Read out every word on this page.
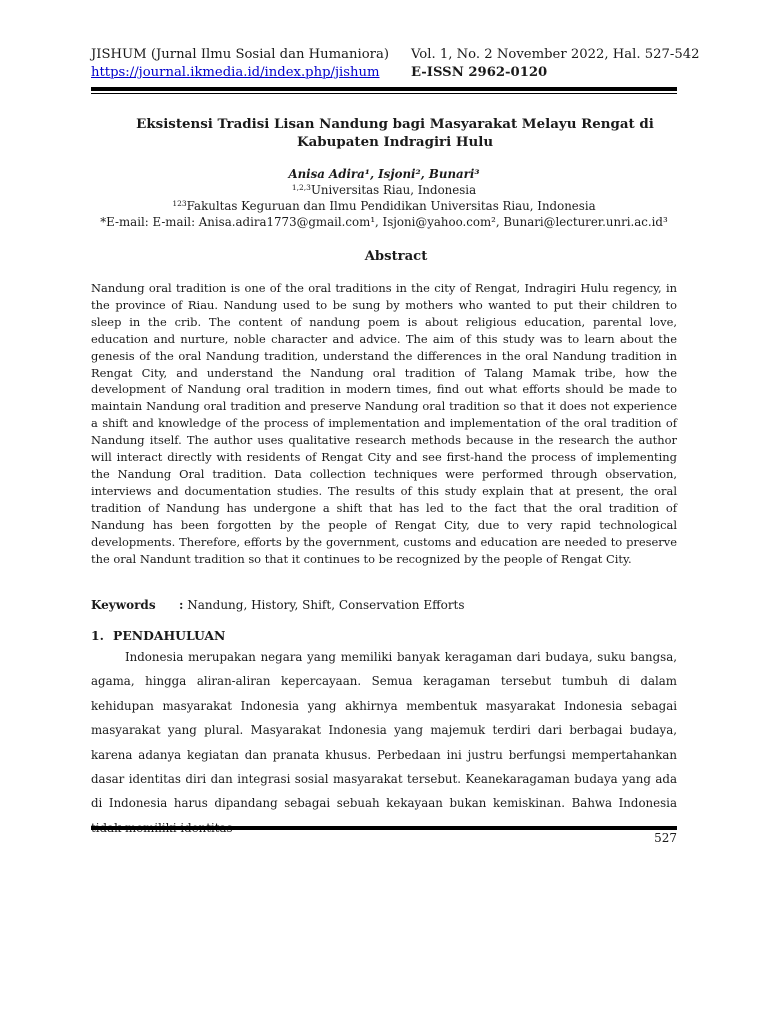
JISHUM (Jurnal Ilmu Sosial dan Humaniora) Vol. 1, No. 2 November 2022, Hal. 527-542
https://journal.ikmedia.id/index.php/jishum E-ISSN 2962-0120
Eksistensi Tradisi Lisan Nandung bagi Masyarakat Melayu Rengat di Kabupaten Indragiri Hulu
Anisa Adira¹, Isjoni², Bunari³
$^{1,2,3}$Universitas Riau, Indonesia
$^{123}$Fakultas Keguruan dan Ilmu Pendidikan Universitas Riau, Indonesia
*E-mail: E-mail: Anisa.adira1773@gmail.com¹, Isjoni@yahoo.com², Bunari@lecturer.unri.ac.id³
Abstract
Nandung oral tradition is one of the oral traditions in the city of Rengat, Indragiri Hulu regency, in the province of Riau. Nandung used to be sung by mothers who wanted to put their children to sleep in the crib. The content of nandung poem is about religious education, parental love, education and nurture, noble character and advice. The aim of this study was to learn about the genesis of the oral Nandung tradition, understand the differences in the oral Nandung tradition in Rengat City, and understand the Nandung oral tradition of Talang Mamak tribe, how the development of Nandung oral tradition in modern times, find out what efforts should be made to maintain Nandung oral tradition and preserve Nandung oral tradition so that it does not experience a shift and knowledge of the process of implementation and implementation of the oral tradition of Nandung itself. The author uses qualitative research methods because in the research the author will interact directly with residents of Rengat City and see first-hand the process of implementing the Nandung Oral tradition. Data collection techniques were performed through observation, interviews and documentation studies. The results of this study explain that at present, the oral tradition of Nandung has undergone a shift that has led to the fact that the oral tradition of Nandung has been forgotten by the people of Rengat City, due to very rapid technological developments. Therefore, efforts by the government, customs and education are needed to preserve the oral Nandunt tradition so that it continues to be recognized by the people of Rengat City.
Keywords : Nandung, History, Shift, Conservation Efforts
1. PENDAHULUAN
Indonesia merupakan negara yang memiliki banyak keragaman dari budaya, suku bangsa, agama, hingga aliran-aliran kepercayaan. Semua keragaman tersebut tumbuh di dalam kehidupan masyarakat Indonesia yang akhirnya membentuk masyarakat Indonesia sebagai masyarakat yang plural. Masyarakat Indonesia yang majemuk terdiri dari berbagai budaya, karena adanya kegiatan dan pranata khusus. Perbedaan ini justru berfungsi mempertahankan dasar identitas diri dan integrasi sosial masyarakat tersebut. Keanekaragaman budaya yang ada di Indonesia harus dipandang sebagai sebuah kekayaan bukan kemiskinan. Bahwa Indonesia
527
